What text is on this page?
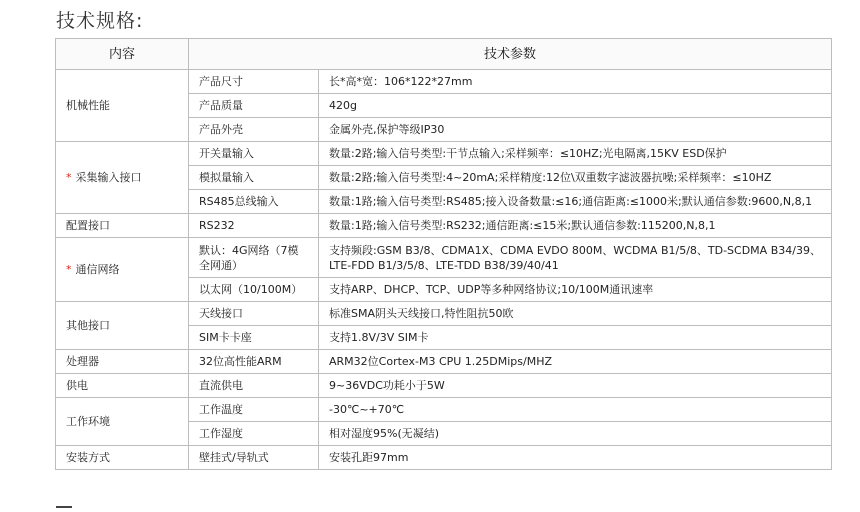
技术规格:
内容	技术参数	
机械性能	产品尺寸	长*高*宽：106*122*27mm
	产品质量	420g
	产品外壳	金属外壳,保护等级IP30
* 采集输入接口	开关量输入	数量:2路;输入信号类型:干节点输入;采样频率：≤10HZ;光电隔离,15KV ESD保护
	模拟量输入	数量:2路;输入信号类型:4~20mA;采样精度:12位\双重数字滤波器抗噪;采样频率：≤10HZ
	RS485总线输入	数量:1路;输入信号类型:RS485;接入设备数量:≤16;通信距离:≤1000米;默认通信参数:9600,N,8,1
配置接口	RS232	数量:1路;输入信号类型:RS232;通信距离:≤15米;默认通信参数:115200,N,8,1
* 通信网络	默认：4G网络（7模全网通）	支持频段:GSM B3/8、CDMA1X、CDMA EVDO 800M、WCDMA B1/5/8、TD-SCDMA B34/39、LTE-FDD B1/3/5/8、LTE-TDD B38/39/40/41
	以太网（10/100M）	支持ARP、DHCP、TCP、UDP等多种网络协议;10/100M通讯速率
其他接口	天线接口	标准SMA阴头天线接口,特性阻抗50欧
	SIM卡卡座	支持1.8V/3V SIM卡
处理器	32位高性能ARM	ARM32位Cortex-M3 CPU 1.25DMips/MHZ
供电	直流供电	9~36VDC功耗小于5W
工作环境	工作温度	-30℃~+70℃
	工作湿度	相对湿度95%(无凝结)
安装方式	壁挂式/导轨式	安装孔距97mm
